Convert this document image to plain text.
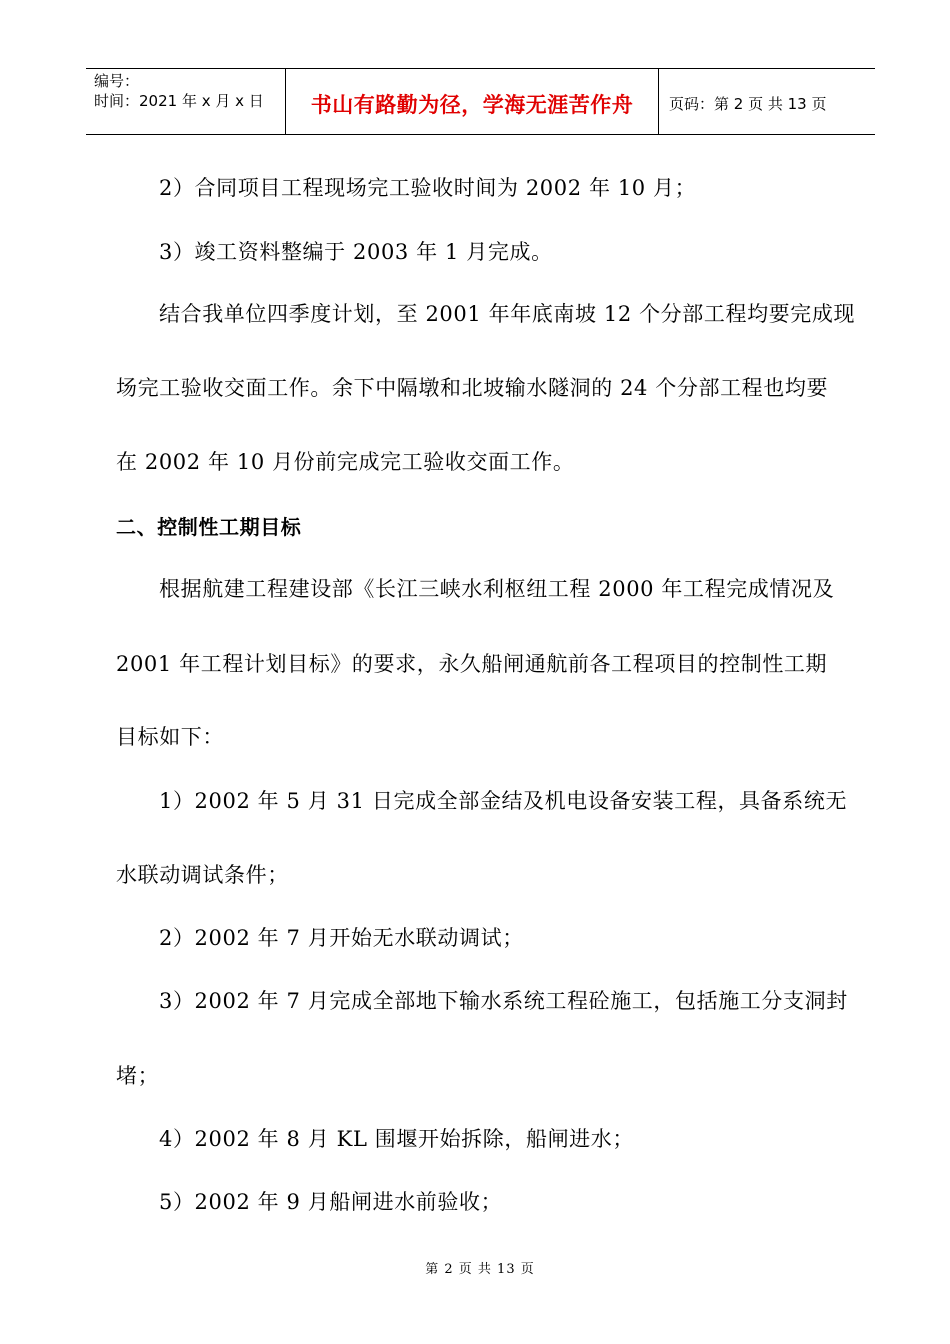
编号：
时间：2021 年 x 月 x 日	书山有路勤为径，学海无涯苦作舟 页码：第 2 页 共 13 页
2）合同项目工程现场完工验收时间为 2002 年 10 月；
3）竣工资料整编于 2003 年 1 月完成。
结合我单位四季度计划，至 2001 年年底南坡 12 个分部工程均要完成现
场完工验收交面工作。余下中隔墩和北坡输水隧洞的 24 个分部工程也均要
在 2002 年 10 月份前完成完工验收交面工作。
二、控制性工期目标
根据航建工程建设部《长江三峡水利枢纽工程 2000 年工程完成情况及
2001 年工程计划目标》的要求，永久船闸通航前各工程项目的控制性工期
目标如下：
1）2002 年 5 月 31 日完成全部金结及机电设备安装工程，具备系统无
水联动调试条件；
2）2002 年 7 月开始无水联动调试；
3）2002 年 7 月完成全部地下输水系统工程砼施工，包括施工分支洞封
堵；
4）2002 年 8 月 KL 围堰开始拆除，船闸进水；
5）2002 年 9 月船闸进水前验收；
第 2 页 共 13 页
